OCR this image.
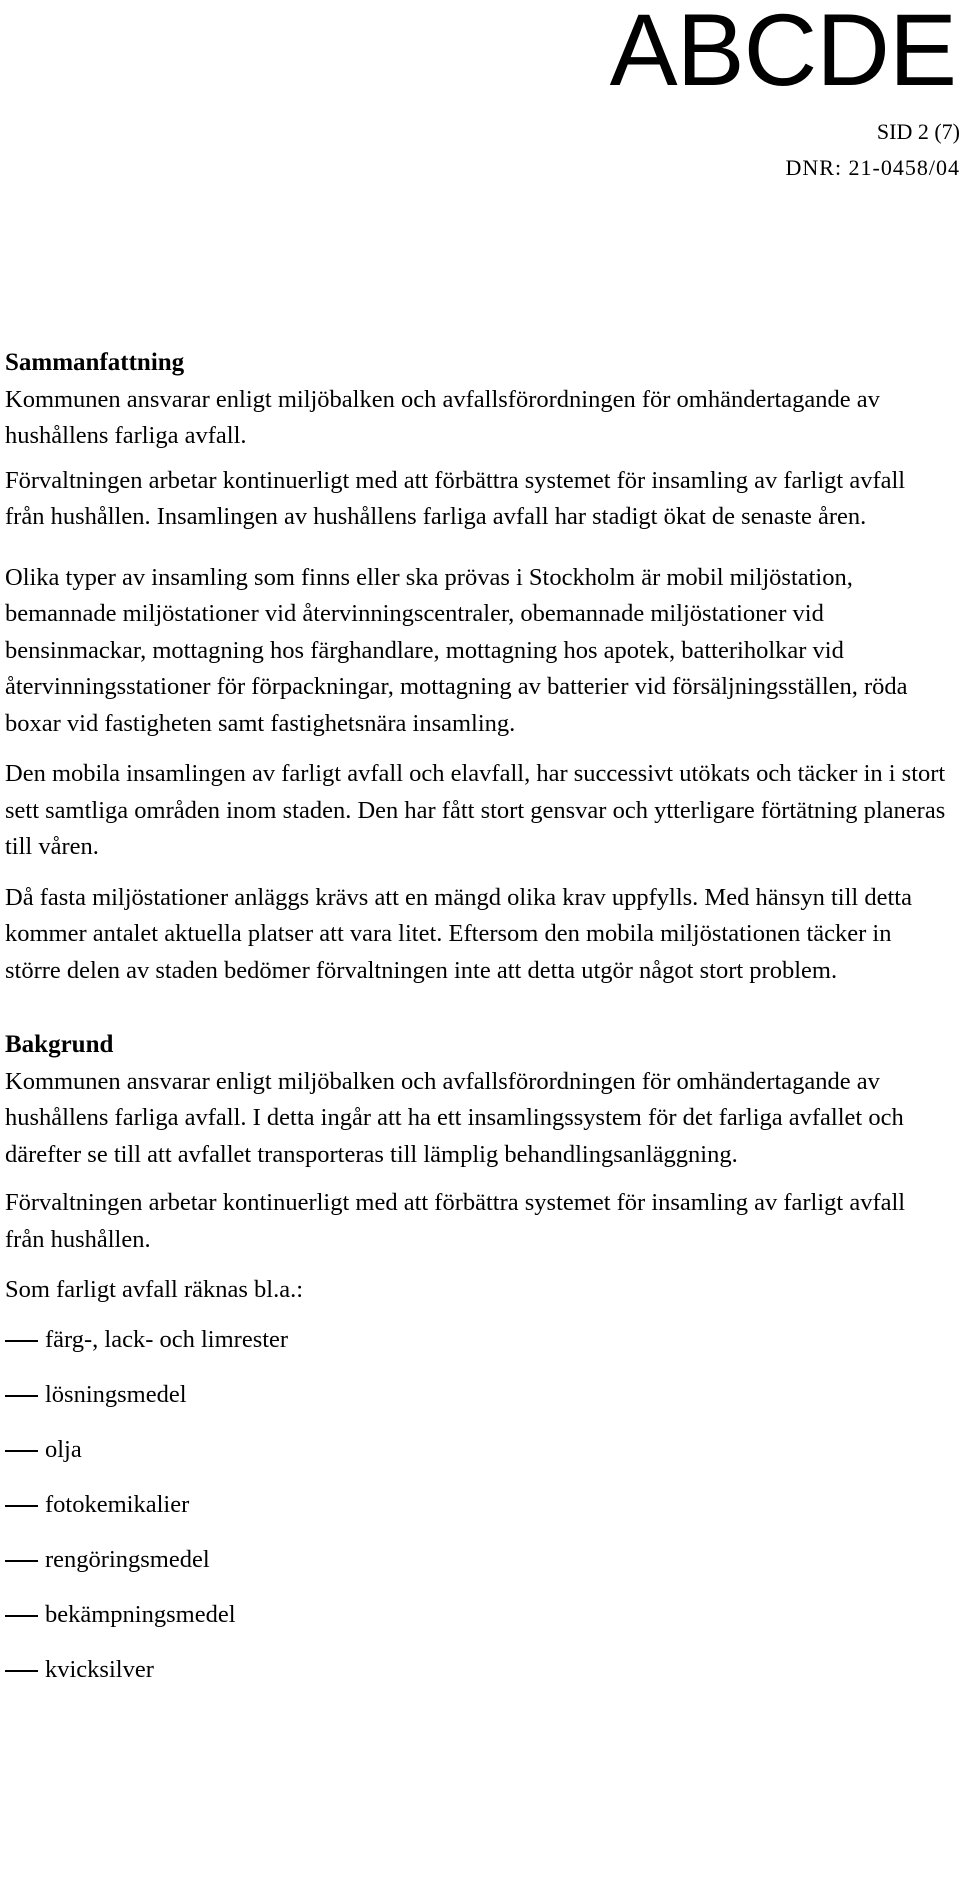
ABCDE
SID 2 (7)
DNR: 21-0458/04
Sammanfattning

Kommunen ansvarar enligt miljöbalken och avfallsförordningen för omhändertagande av hushållens farliga avfall.

Förvaltningen arbetar kontinuerligt med att förbättra systemet för insamling av farligt avfall från hushållen. Insamlingen av hushållens farliga avfall har stadigt ökat de senaste åren.

Olika typer av insamling som finns eller ska prövas i Stockholm är mobil miljöstation, bemannade miljöstationer vid återvinningscentraler, obemannade miljöstationer vid bensinmackar, mottagning hos färghandlare, mottagning hos apotek, batteriholkar vid återvinningsstationer för förpackningar, mottagning av batterier vid försäljningsställen, röda boxar vid fastigheten samt fastighetsnära insamling.

Den mobila insamlingen av farligt avfall och elavfall, har successivt utökats och täcker in i stort sett samtliga områden inom staden. Den har fått stort gensvar och ytterligare förtätning planeras till våren.

Då fasta miljöstationer anläggs krävs att en mängd olika krav uppfylls. Med hänsyn till detta kommer antalet aktuella platser att vara litet. Eftersom den mobila miljöstationen täcker in större delen av staden bedömer förvaltningen inte att detta utgör något stort problem.

Bakgrund

Kommunen ansvarar enligt miljöbalken och avfallsförordningen för omhändertagande av hushållens farliga avfall. I detta ingår att ha ett insamlingssystem för det farliga avfallet och därefter se till att avfallet transporteras till lämplig behandlingsanläggning.

Förvaltningen arbetar kontinuerligt med att förbättra systemet för insamling av farligt avfall från hushållen.

Som farligt avfall räknas bl.a.:

färg-, lack- och limrester
lösningsmedel
olja
fotokemikalier
rengöringsmedel
bekämpningsmedel
kvicksilver
